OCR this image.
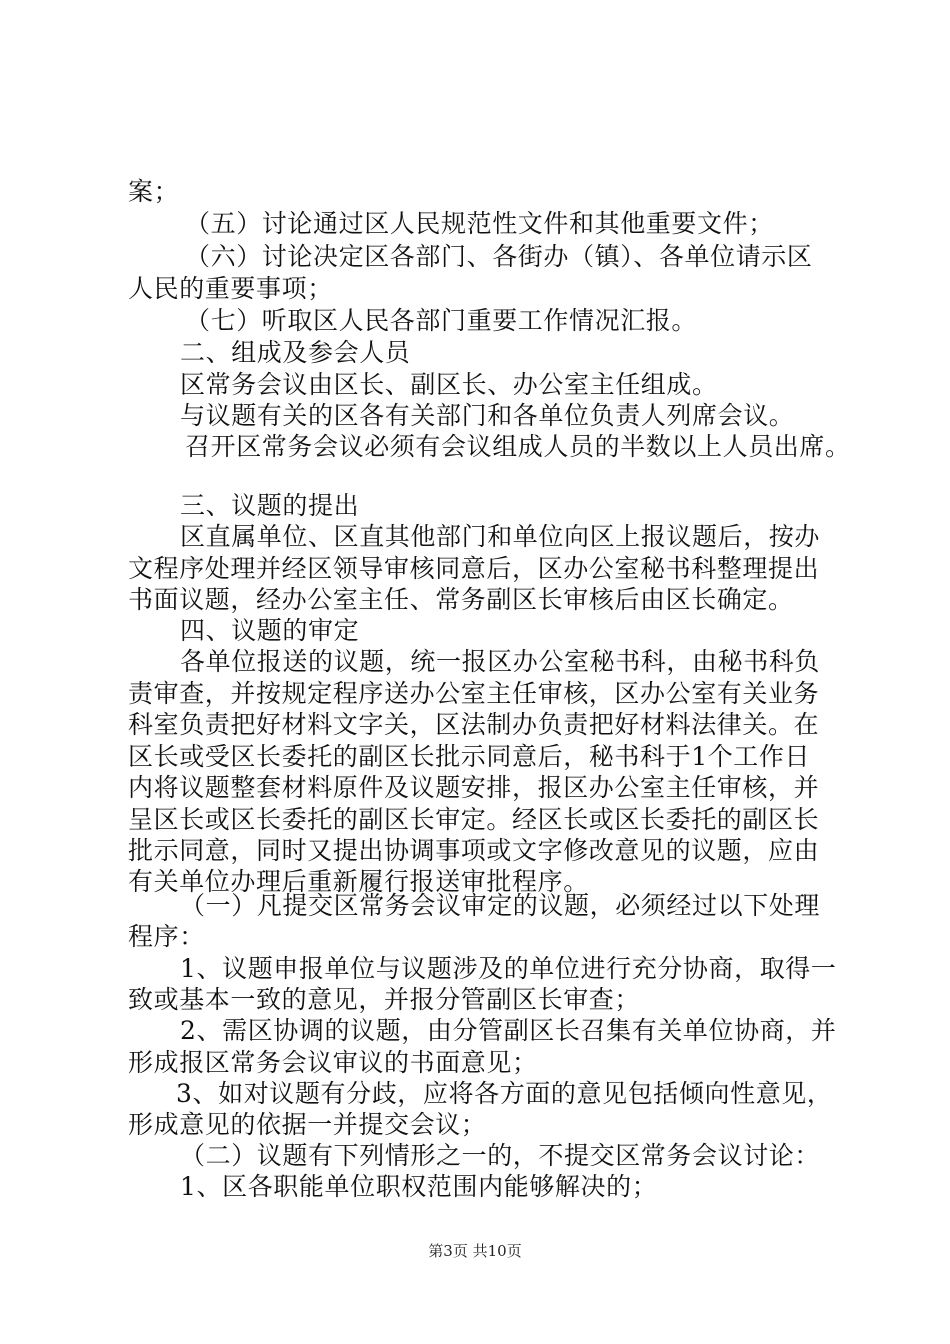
案；
（五）讨论通过区人民规范性文件和其他重要文件；
（六）讨论决定区各部门、各街办（镇）、各单位请示区
人民的重要事项；
（七）听取区人民各部门重要工作情况汇报。
二、组成及参会人员
区常务会议由区长、副区长、办公室主任组成。
与议题有关的区各有关部门和各单位负责人列席会议。
召开区常务会议必须有会议组成人员的半数以上人员出席。
三、议题的提出
区直属单位、区直其他部门和单位向区上报议题后，按办
文程序处理并经区领导审核同意后，区办公室秘书科整理提出
书面议题，经办公室主任、常务副区长审核后由区长确定。
四、议题的审定
各单位报送的议题，统一报区办公室秘书科，由秘书科负
责审查，并按规定程序送办公室主任审核，区办公室有关业务
科室负责把好材料文字关，区法制办负责把好材料法律关。在
区长或受区长委托的副区长批示同意后，秘书科于1个工作日
内将议题整套材料原件及议题安排，报区办公室主任审核，并
呈区长或区长委托的副区长审定。经区长或区长委托的副区长
批示同意，同时又提出协调事项或文字修改意见的议题，应由
有关单位办理后重新履行报送审批程序。
（一）凡提交区常务会议审定的议题，必须经过以下处理
程序：
1、议题申报单位与议题涉及的单位进行充分协商，取得一
致或基本一致的意见，并报分管副区长审查；
2、需区协调的议题，由分管副区长召集有关单位协商，并
形成报区常务会议审议的书面意见；
3、如对议题有分歧，应将各方面的意见包括倾向性意见，
形成意见的依据一并提交会议；
（二）议题有下列情形之一的，不提交区常务会议讨论：
1、区各职能单位职权范围内能够解决的；
第3页 共10页
